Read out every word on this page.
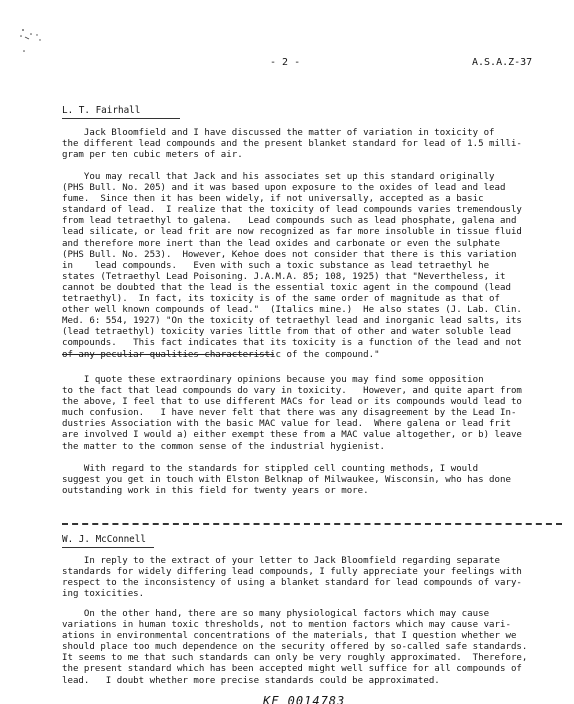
- 2 -	A.S.A.Z-37
L. T. Fairhall
Jack Bloomfield and I have discussed the matter of variation in toxicity of
the different lead compounds and the present blanket standard for lead of 1.5 milli-
gram per ten cubic meters of air.
You may recall that Jack and his associates set up this standard originally
(PHS Bull. No. 205) and it was based upon exposure to the oxides of lead and lead
fume.  Since then it has been widely, if not universally, accepted as a basic
standard of lead.  I realize that the toxicity of lead compounds varies tremendously
from lead tetraethyl to galena.   Lead compounds such as lead phosphate, galena and
lead silicate, or lead frit are now recognized as far more insoluble in tissue fluid
and therefore more inert than the lead oxides and carbonate or even the sulphate
(PHS Bull. No. 253).  However, Kehoe does not consider that there is this variation
in    lead compounds.   Even with such a toxic substance as lead tetraethyl he
states (Tetraethyl Lead Poisoning. J.A.M.A. 85; 108, 1925) that "Nevertheless, it
cannot be doubted that the lead is the essential toxic agent in the compound (lead
tetraethyl).  In fact, its toxicity is of the same order of magnitude as that of
other well known compounds of lead."  (Italics mine.)  He also states (J. Lab. Clin.
Med. 6: 554, 1927) "On the toxicity of tetraethyl lead and inorganic lead salts, its
(lead tetraethyl) toxicity varies little from that of other and water soluble lead
compounds.   This fact indicates that its toxicity is a function of the lead and not
of any peculiar qualities characteristic of the compound."
I quote these extraordinary opinions because you may find some opposition
to the fact that lead compounds do vary in toxicity.   However, and quite apart from
the above, I feel that to use different MACs for lead or its compounds would lead to
much confusion.   I have never felt that there was any disagreement by the Lead In-
dustries Association with the basic MAC value for lead.  Where galena or lead frit
are involved I would a) either exempt these from a MAC value altogether, or b) leave
the matter to the common sense of the industrial hygienist.
With regard to the standards for stippled cell counting methods, I would
suggest you get in touch with Elston Belknap of Milwaukee, Wisconsin, who has done
outstanding work in this field for twenty years or more.
W. J. McConnell
In reply to the extract of your letter to Jack Bloomfield regarding separate
standards for widely differing lead compounds, I fully appreciate your feelings with
respect to the inconsistency of using a blanket standard for lead compounds of vary-
ing toxicities.
On the other hand, there are so many physiological factors which may cause
variations in human toxic thresholds, not to mention factors which may cause vari-
ations in environmental concentrations of the materials, that I question whether we
should place too much dependence on the security offered by so-called safe standards.
It seems to me that such standards can only be very roughly approximated.  Therefore,
the present standard which has been accepted might well suffice for all compounds of
lead.   I doubt whether more precise standards could be approximated.
KF 0014783
